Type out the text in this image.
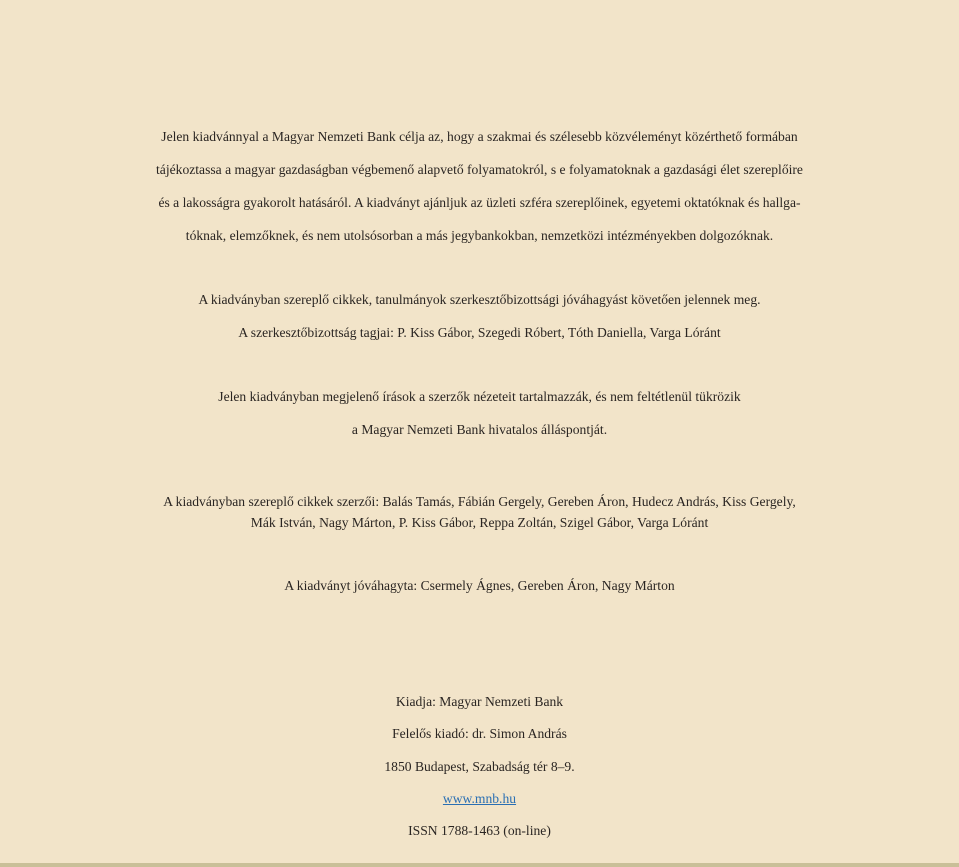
Jelen kiadvánnyal a Magyar Nemzeti Bank célja az, hogy a szakmai és szélesebb közvéleményt közérthető formában
tájékoztassa a magyar gazdaságban végbemenő alapvető folyamatokról, s e folyamatoknak a gazdasági élet szereplőire
és a lakosságra gyakorolt hatásáról. A kiadványt ajánljuk az üzleti szféra szereplőinek, egyetemi oktatóknak és hallga-
tóknak, elemzőknek, és nem utolsósorban a más jegybankokban, nemzetközi intézményekben dolgozóknak.
A kiadványban szereplő cikkek, tanulmányok szerkesztőbizottsági jóváhagyást követően jelennek meg.
A szerkesztőbizottság tagjai: P. Kiss Gábor, Szegedi Róbert, Tóth Daniella, Varga Lóránt
Jelen kiadványban megjelenő írások a szerzők nézeteit tartalmazzák, és nem feltétlenül tükrözik
a Magyar Nemzeti Bank hivatalos álláspontját.
A kiadványban szereplő cikkek szerzői: Balás Tamás, Fábián Gergely, Gereben Áron, Hudecz András, Kiss Gergely,
Mák István, Nagy Márton, P. Kiss Gábor, Reppa Zoltán, Szigel Gábor, Varga Lóránt
A kiadványt jóváhagyta: Csermely Ágnes, Gereben Áron, Nagy Márton
Kiadja: Magyar Nemzeti Bank
Felelős kiadó: dr. Simon András
1850 Budapest, Szabadság tér 8–9.
www.mnb.hu
ISSN 1788-1463 (on-line)
